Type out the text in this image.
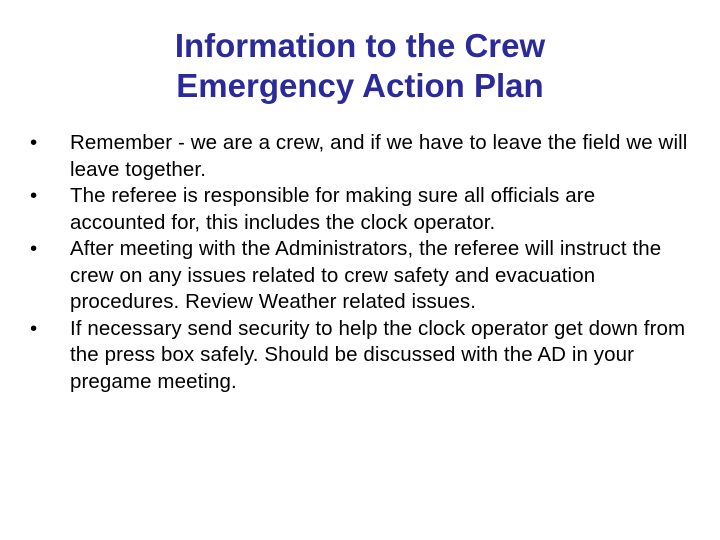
Information to the Crew
Emergency Action Plan
•	Remember - we are a crew, and if we have to leave the field we will leave together.
•	The referee is responsible for making sure all officials are accounted for, this includes the clock operator.
•	After meeting with the Administrators, the referee will instruct the crew on any issues related to crew safety and evacuation procedures. Review Weather related issues.
•	If necessary send security to help the clock operator get down from the press box safely. Should be discussed with the AD in your pregame meeting.
